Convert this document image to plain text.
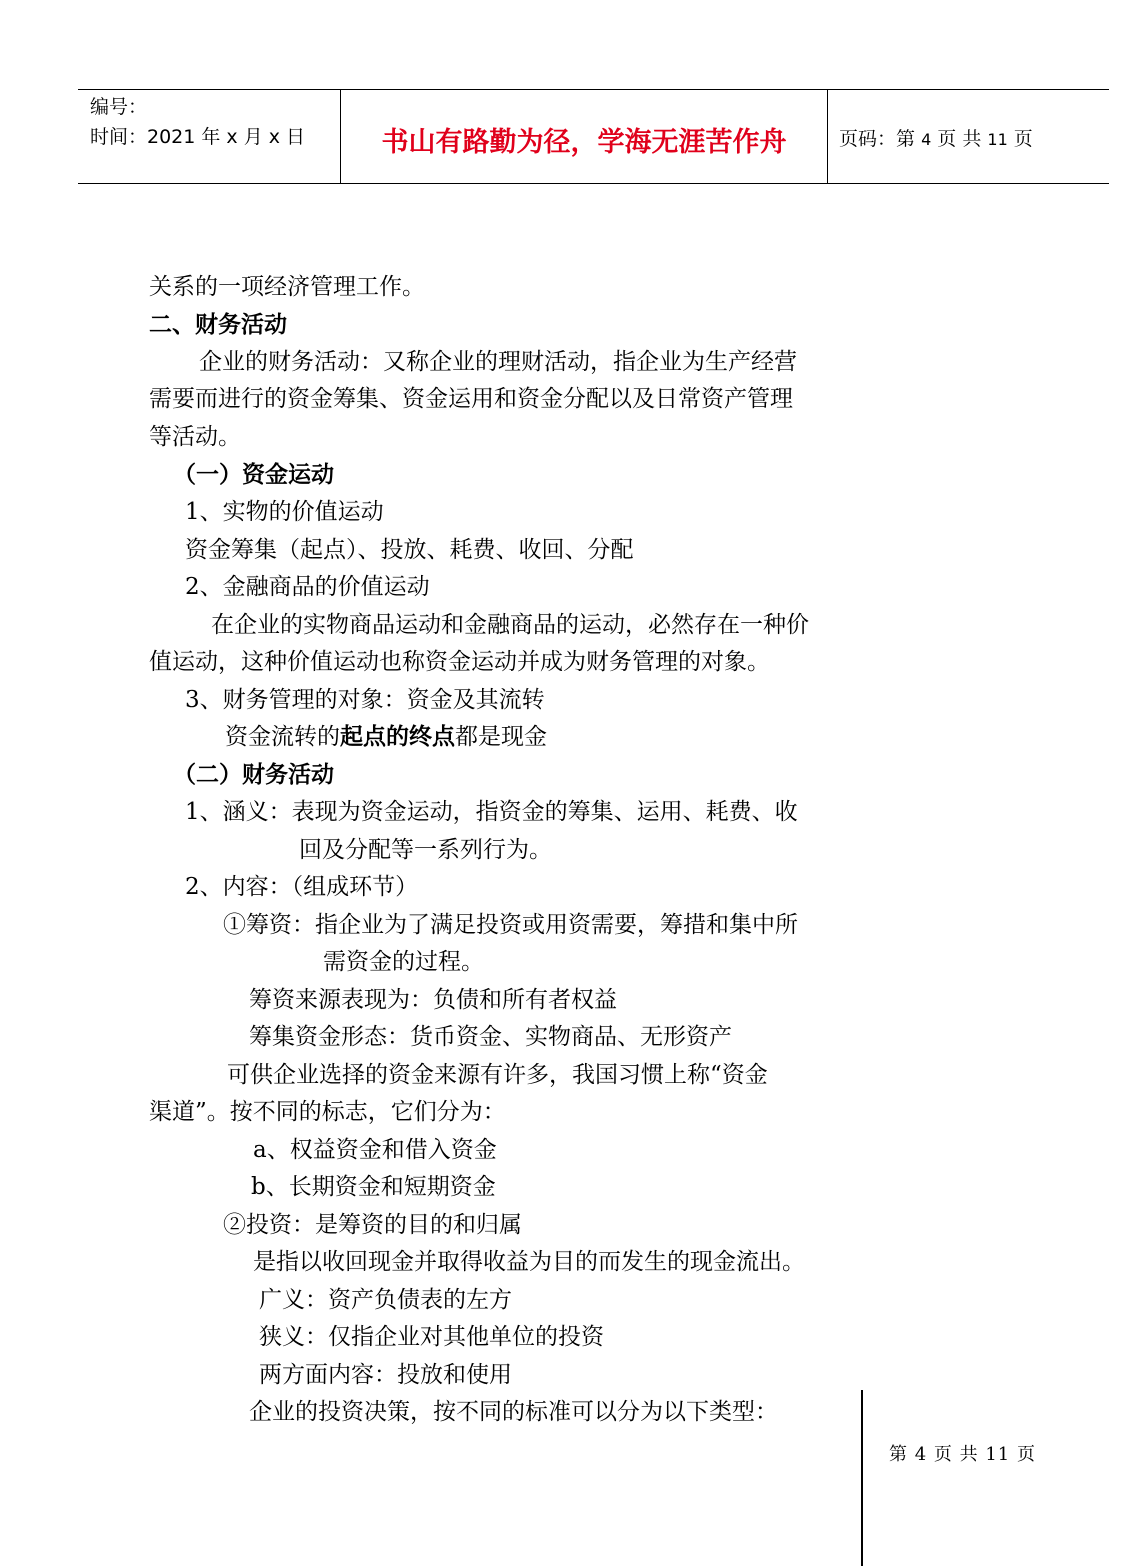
编号：
时间：2021 年 x 月 x 日	书山有路勤为径，学海无涯苦作舟	页码：第 4 页 共 11 页
关系的一项经济管理工作。
二、财务活动
企业的财务活动：又称企业的理财活动，指企业为生产经营
需要而进行的资金筹集、资金运用和资金分配以及日常资产管理
等活动。
（一）资金运动
1、实物的价值运动
资金筹集（起点）、投放、耗费、收回、分配
2、金融商品的价值运动
在企业的实物商品运动和金融商品的运动，必然存在一种价
值运动，这种价值运动也称资金运动并成为财务管理的对象。
3、财务管理的对象：资金及其流转
资金流转的起点的终点都是现金
（二）财务活动
1、涵义：表现为资金运动，指资金的筹集、运用、耗费、收
回及分配等一系列行为。
2、内容：（组成环节）
①筹资：指企业为了满足投资或用资需要，筹措和集中所
需资金的过程。
筹资来源表现为：负债和所有者权益
筹集资金形态：货币资金、实物商品、无形资产
可供企业选择的资金来源有许多，我国习惯上称“资金
渠道”。按不同的标志，它们分为：
a、权益资金和借入资金
b、长期资金和短期资金
②投资：是筹资的目的和归属
是指以收回现金并取得收益为目的而发生的现金流出。
广义：资产负债表的左方
狭义：仅指企业对其他单位的投资
两方面内容：投放和使用
企业的投资决策，按不同的标准可以分为以下类型：
第 4 页 共 11 页
